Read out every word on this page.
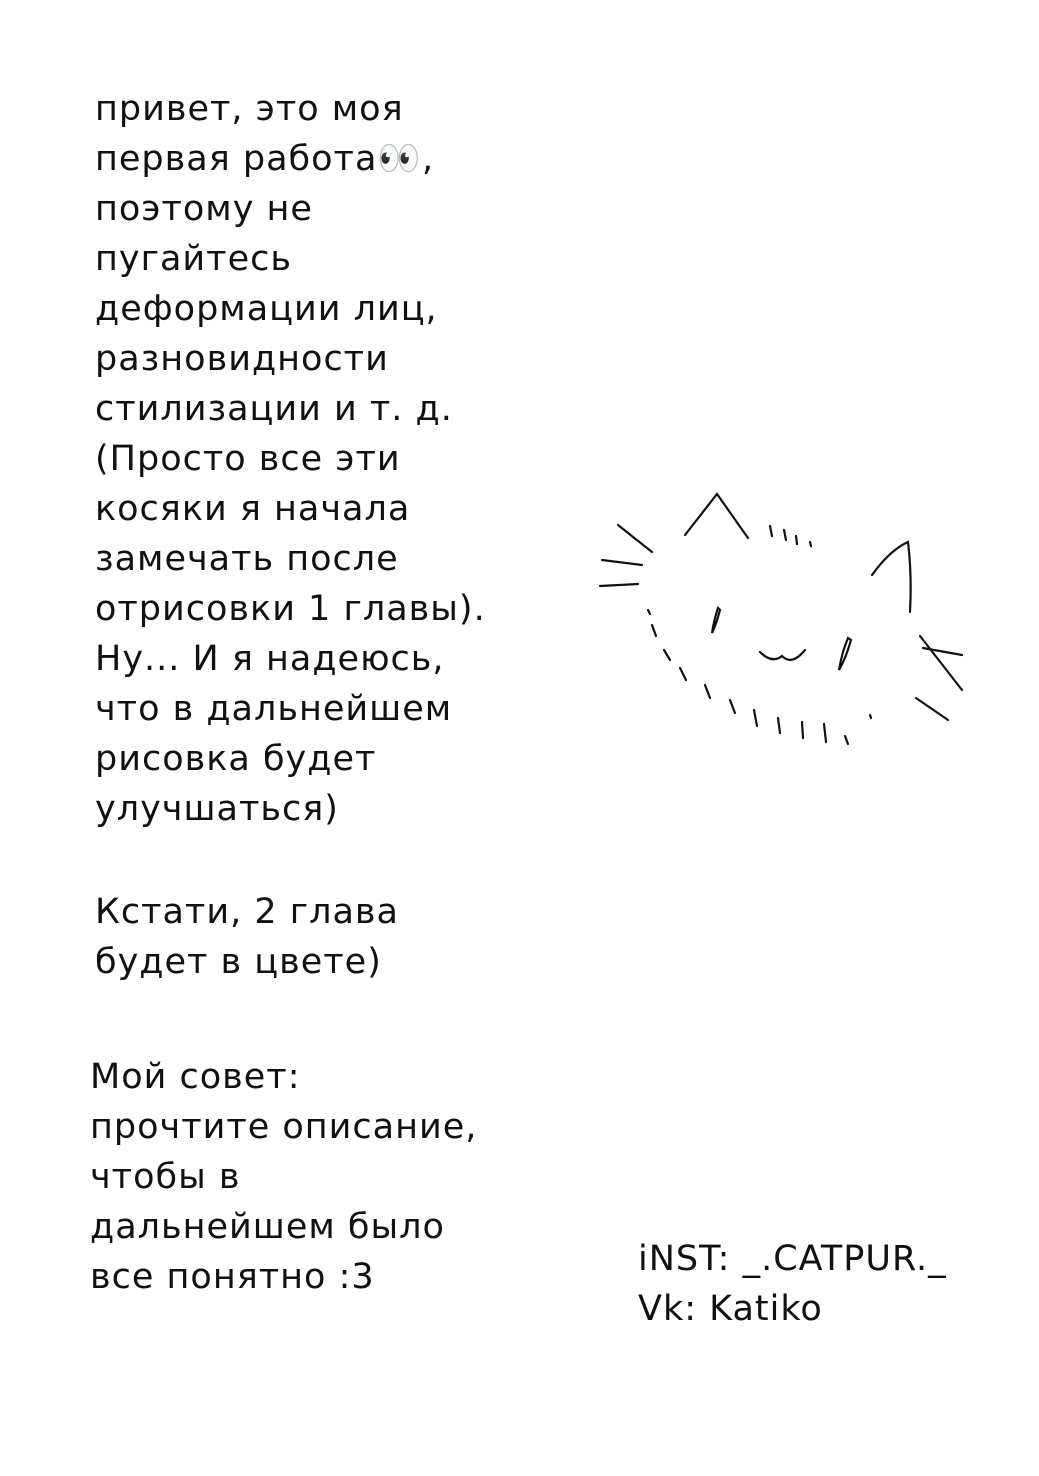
привет, это моя
первая работа👀,
поэтому не
пугайтесь
деформации лиц,
разновидности
стилизации и т. д.
(Просто все эти
косяки я начала
замечать после
отрисовки 1 главы).
Ну... И я надеюсь,
что в дальнейшем
рисовка будет
улучшаться)
Кстати, 2 глава
будет в цвете)
Мой совет:
прочтите описание,
чтобы в
дальнейшем было
все понятно :3	iNST: _.CATPUR._
Vk: Katiko
